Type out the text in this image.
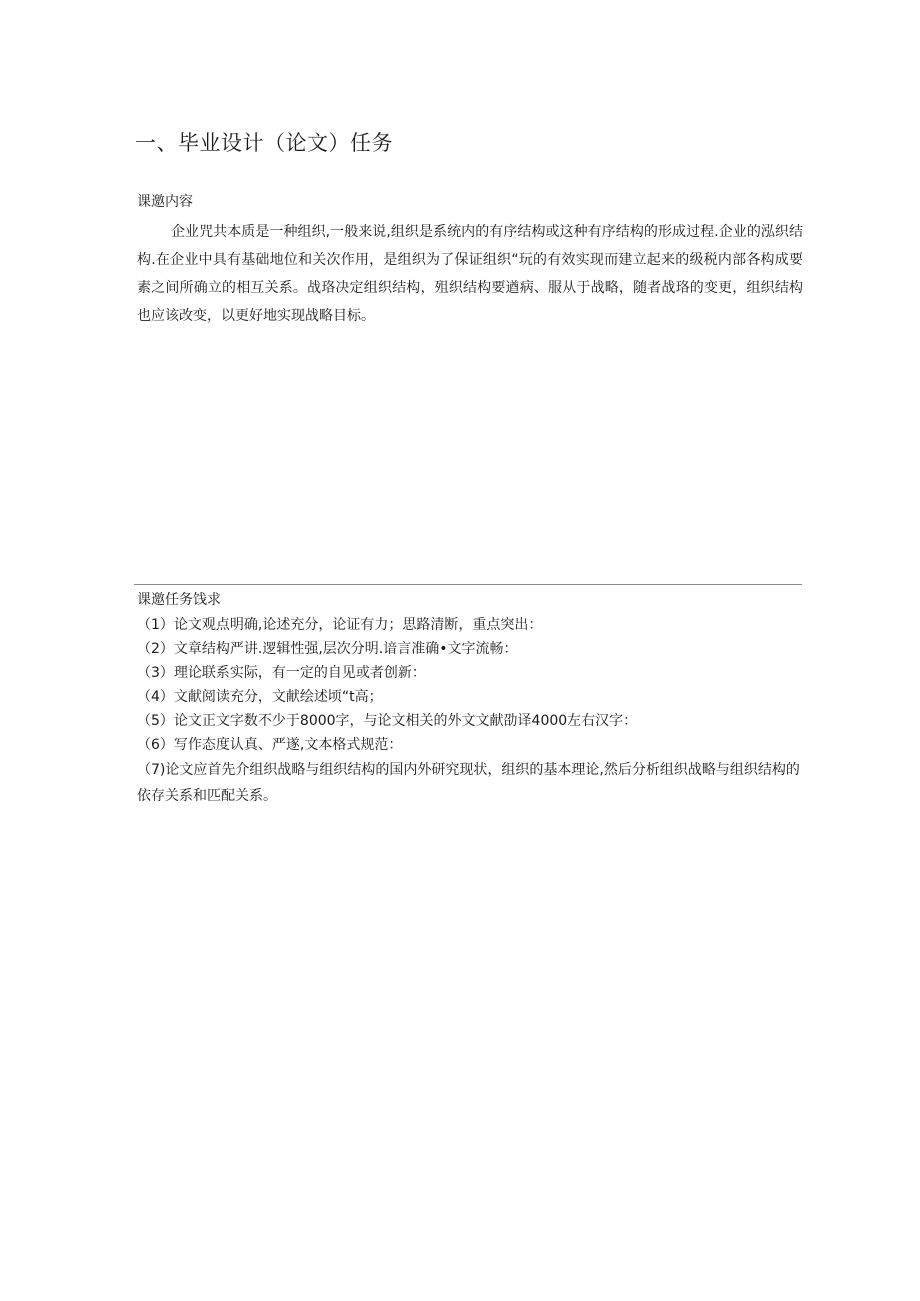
一、毕业设计（论文）任务
课邀内容

企业咒共本质是一种组织,一般来说,组织是系统内的有序结构或这种有序结构的形成过程.企业的泓织结构.在企业中具有基础地位和关次作用，是组织为了保证组织“玩的有效实现而建立起来的级税内部各构成要素之间所确立的相互关系。战珞决定组织结构，殂织结构要遒病、服从于战略，随者战珞的变更，组织结构也应该改变，以更好地实现战略目标。

课邀任务饯求
（1）论文观点明确,论述充分，论证有力；思路清断，重点突出：
（2）文章结构严讲.逻辑性强,层次分明.谙言准确•文字流畅：
（3）理论联系实际，有一定的自见或者创新：
（4）文献阅读充分，文献绘述顷“t高；
（5）论文正文字数不少于8000字，与论文相关的外文文献劭译4000左右汉字：
（6）写作态度认真、严遂,文本格式规范：
（7)论文应首先介组织战略与组织结构的国内外研究现状，组织的基本理论,然后分析组织战略与组织结构的依存关系和匹配关系。
